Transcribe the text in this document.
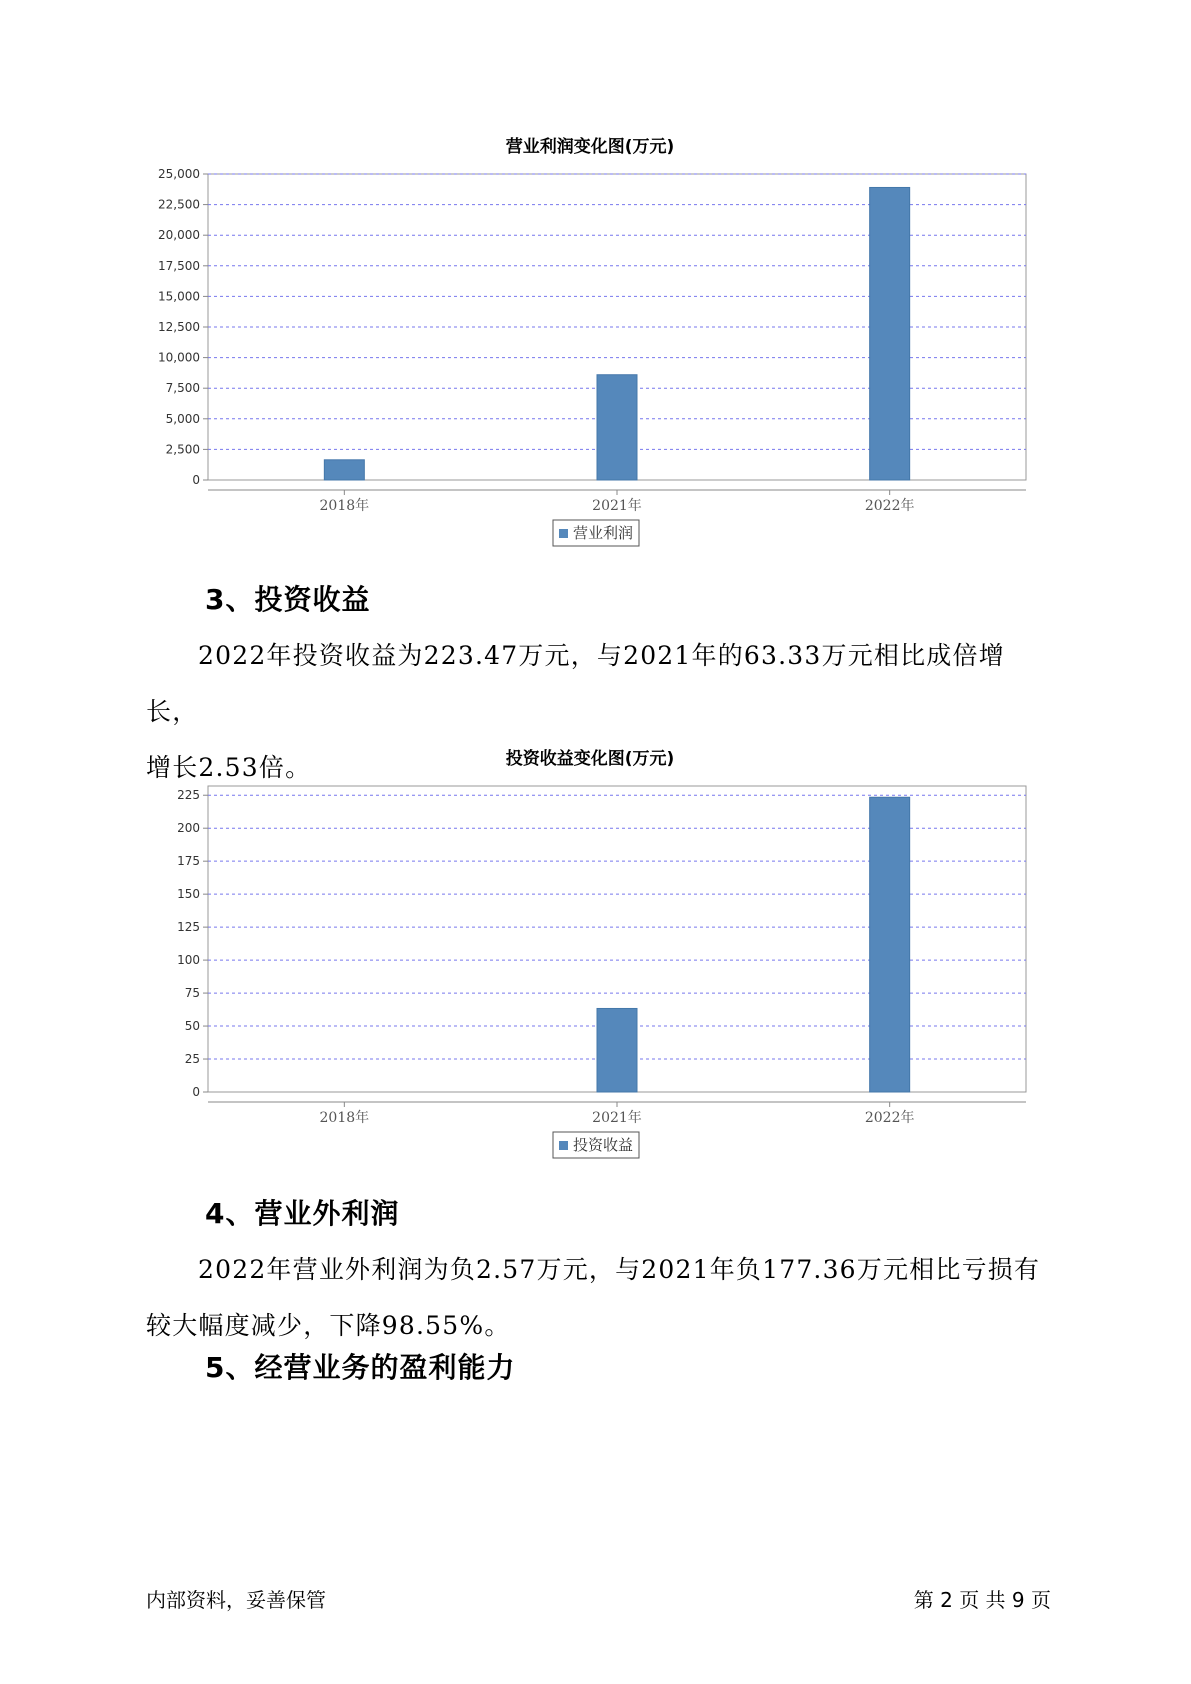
营业利润变化图(万元)
0
2,500
5,000
7,500
10,000
12,500
15,000
17,500
20,000
22,500
25,000
2018年	2021年	2022年
营业利润
3、投资收益
2022年投资收益为223.47万元，与2021年的63.33万元相比成倍增长，
增长2.53倍。	投资收益变化图(万元)
0
25
50
75
100
125
150
175
200
225
2018年	2021年	2022年
投资收益
4、营业外利润
2022年营业外利润为负2.57万元，与2021年负177.36万元相比亏损有
较大幅度减少，下降98.55%。
5、经营业务的盈利能力
内部资料，妥善保管	第 2 页 共 9 页
